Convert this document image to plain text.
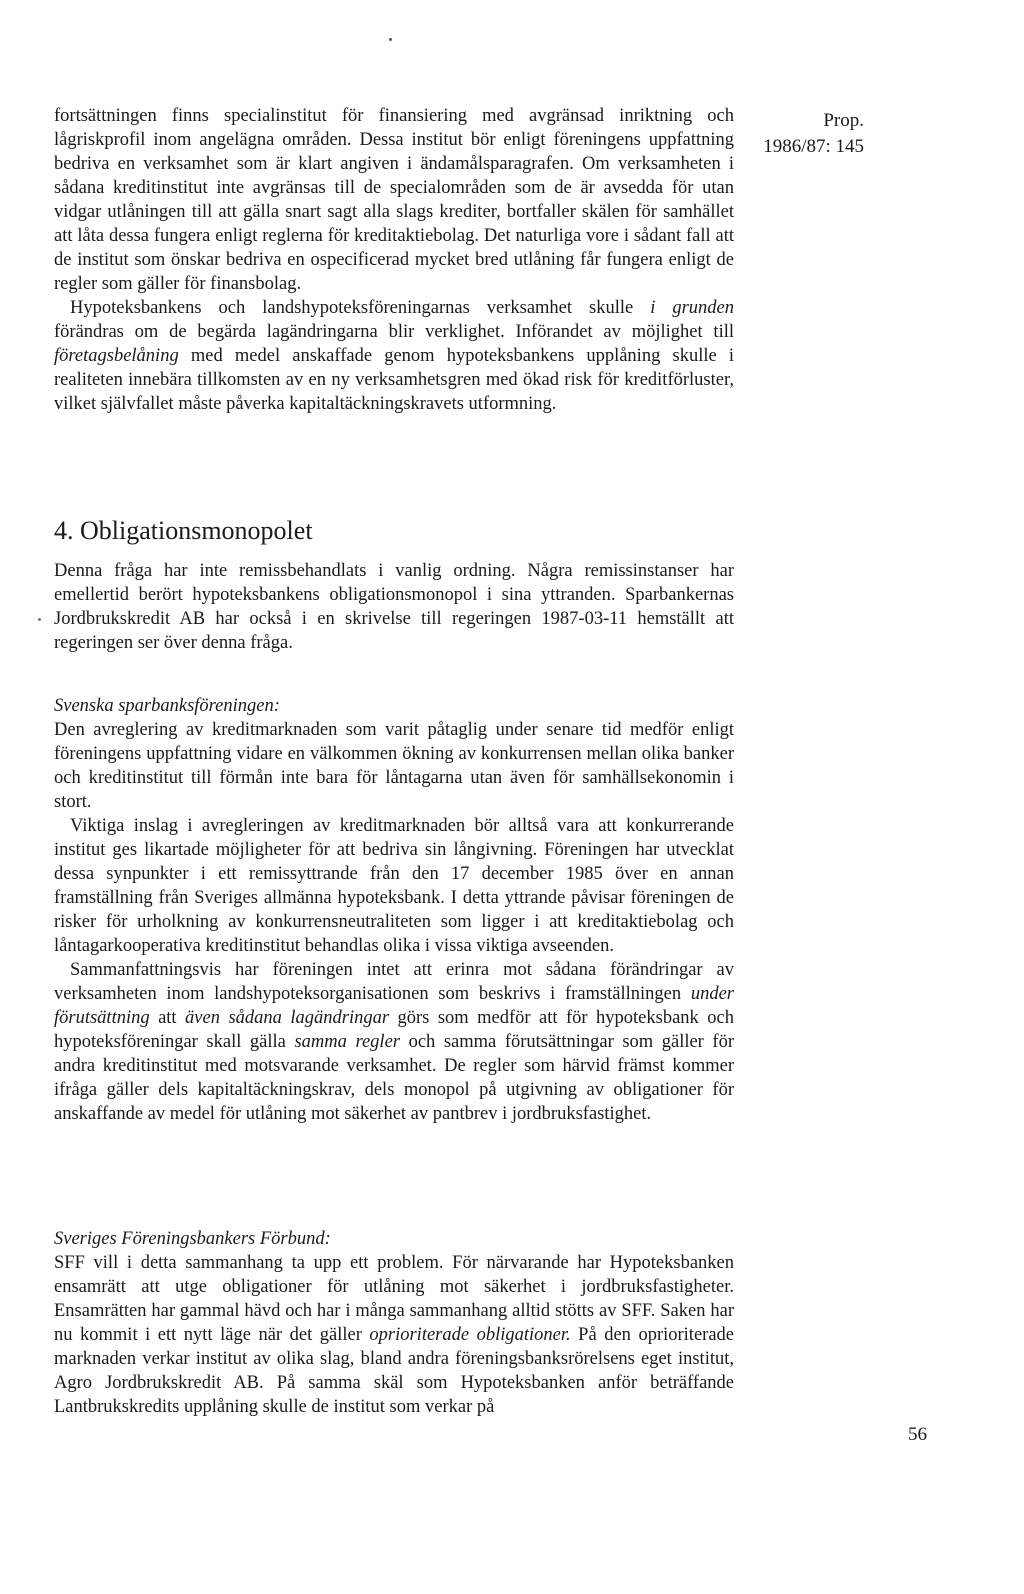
Prop.
1986/87: 145

fortsättningen finns specialinstitut för finansiering med avgränsad inriktning och lågriskprofil inom angelägna områden. Dessa institut bör enligt föreningens uppfattning bedriva en verksamhet som är klart angiven i ändamålsparagrafen. Om verksamheten i sådana kreditinstitut inte avgränsas till de specialområden som de är avsedda för utan vidgar utlåningen till att gälla snart sagt alla slags krediter, bortfaller skälen för samhället att låta dessa fungera enligt reglerna för kreditaktiebolag. Det naturliga vore i sådant fall att de institut som önskar bedriva en ospecificerad mycket bred utlåning får fungera enligt de regler som gäller för finansbolag.

Hypoteksbankens och landshypoteksföreningarnas verksamhet skulle i grunden förändras om de begärda lagändringarna blir verklighet. Införandet av möjlighet till företagsbelåning med medel anskaffade genom hypoteksbankens upplåning skulle i realiteten innebära tillkomsten av en ny verksamhetsgren med ökad risk för kreditförluster, vilket självfallet måste påverka kapitaltäckningskravets utformning.

4. Obligationsmonopolet

Denna fråga har inte remissbehandlats i vanlig ordning. Några remissinstanser har emellertid berört hypoteksbankens obligationsmonopol i sina yttranden. Sparbankernas Jordbrukskredit AB har också i en skrivelse till regeringen 1987-03-11 hemställt att regeringen ser över denna fråga.

Svenska sparbanksföreningen:

Den avreglering av kreditmarknaden som varit påtaglig under senare tid medför enligt föreningens uppfattning vidare en välkommen ökning av konkurrensen mellan olika banker och kreditinstitut till förmån inte bara för låntagarna utan även för samhällsekonomin i stort.

Viktiga inslag i avregleringen av kreditmarknaden bör alltså vara att konkurrerande institut ges likartade möjligheter för att bedriva sin långivning. Föreningen har utvecklat dessa synpunkter i ett remissyttrande från den 17 december 1985 över en annan framställning från Sveriges allmänna hypoteksbank. I detta yttrande påvisar föreningen de risker för urholkning av konkurrensneutraliteten som ligger i att kreditaktiebolag och låntagarkooperativa kreditinstitut behandlas olika i vissa viktiga avseenden.

Sammanfattningsvis har föreningen intet att erinra mot sådana förändringar av verksamheten inom landshypoteksorganisationen som beskrivs i framställningen under förutsättning att även sådana lagändringar görs som medför att för hypoteksbank och hypoteksföreningar skall gälla samma regler och samma förutsättningar som gäller för andra kreditinstitut med motsvarande verksamhet. De regler som härvid främst kommer ifråga gäller dels kapitaltäckningskrav, dels monopol på utgivning av obligationer för anskaffande av medel för utlåning mot säkerhet av pantbrev i jordbruksfastighet.

Sveriges Föreningsbankers Förbund:

SFF vill i detta sammanhang ta upp ett problem. För närvarande har Hypoteksbanken ensamrätt att utge obligationer för utlåning mot säkerhet i jordbruksfastigheter. Ensamrätten har gammal hävd och har i många sammanhang alltid stötts av SFF. Saken har nu kommit i ett nytt läge när det gäller oprioriterade obligationer. På den oprioriterade marknaden verkar institut av olika slag, bland andra föreningsbanksrörelsens eget institut, Agro Jordbrukskredit AB. På samma skäl som Hypoteksbanken anför beträffande Lantbrukskredits upplåning skulle de institut som verkar på

56
